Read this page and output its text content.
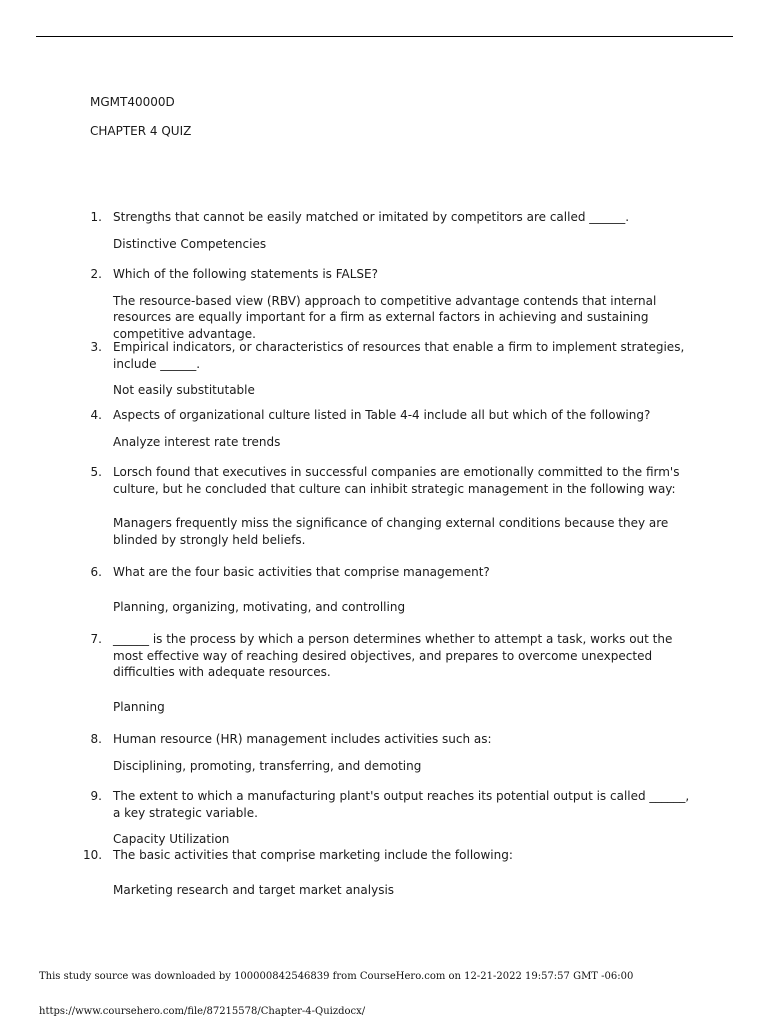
MGMT40000D
CHAPTER 4 QUIZ
1. Strengths that cannot be easily matched or imitated by competitors are called ______.

Distinctive Competencies

2. Which of the following statements is FALSE?

The resource-based view (RBV) approach to competitive advantage contends that internal resources are equally important for a firm as external factors in achieving and sustaining competitive advantage.

3. Empirical indicators, or characteristics of resources that enable a firm to implement strategies, include ______.

Not easily substitutable

4. Aspects of organizational culture listed in Table 4-4 include all but which of the following?

Analyze interest rate trends

5. Lorsch found that executives in successful companies are emotionally committed to the firm's culture, but he concluded that culture can inhibit strategic management in the following way:

Managers frequently miss the significance of changing external conditions because they are blinded by strongly held beliefs.

6. What are the four basic activities that comprise management?

Planning, organizing, motivating, and controlling

7. ______ is the process by which a person determines whether to attempt a task, works out the most effective way of reaching desired objectives, and prepares to overcome unexpected difficulties with adequate resources.

Planning

8. Human resource (HR) management includes activities such as:

Disciplining, promoting, transferring, and demoting

9. The extent to which a manufacturing plant's output reaches its potential output is called ______, a key strategic variable.

Capacity Utilization

10. The basic activities that comprise marketing include the following:

Marketing research and target market analysis

This study source was downloaded by 100000842546839 from CourseHero.com on 12-21-2022 19:57:57 GMT -06:00
https://www.coursehero.com/file/87215578/Chapter-4-Quizdocx/
